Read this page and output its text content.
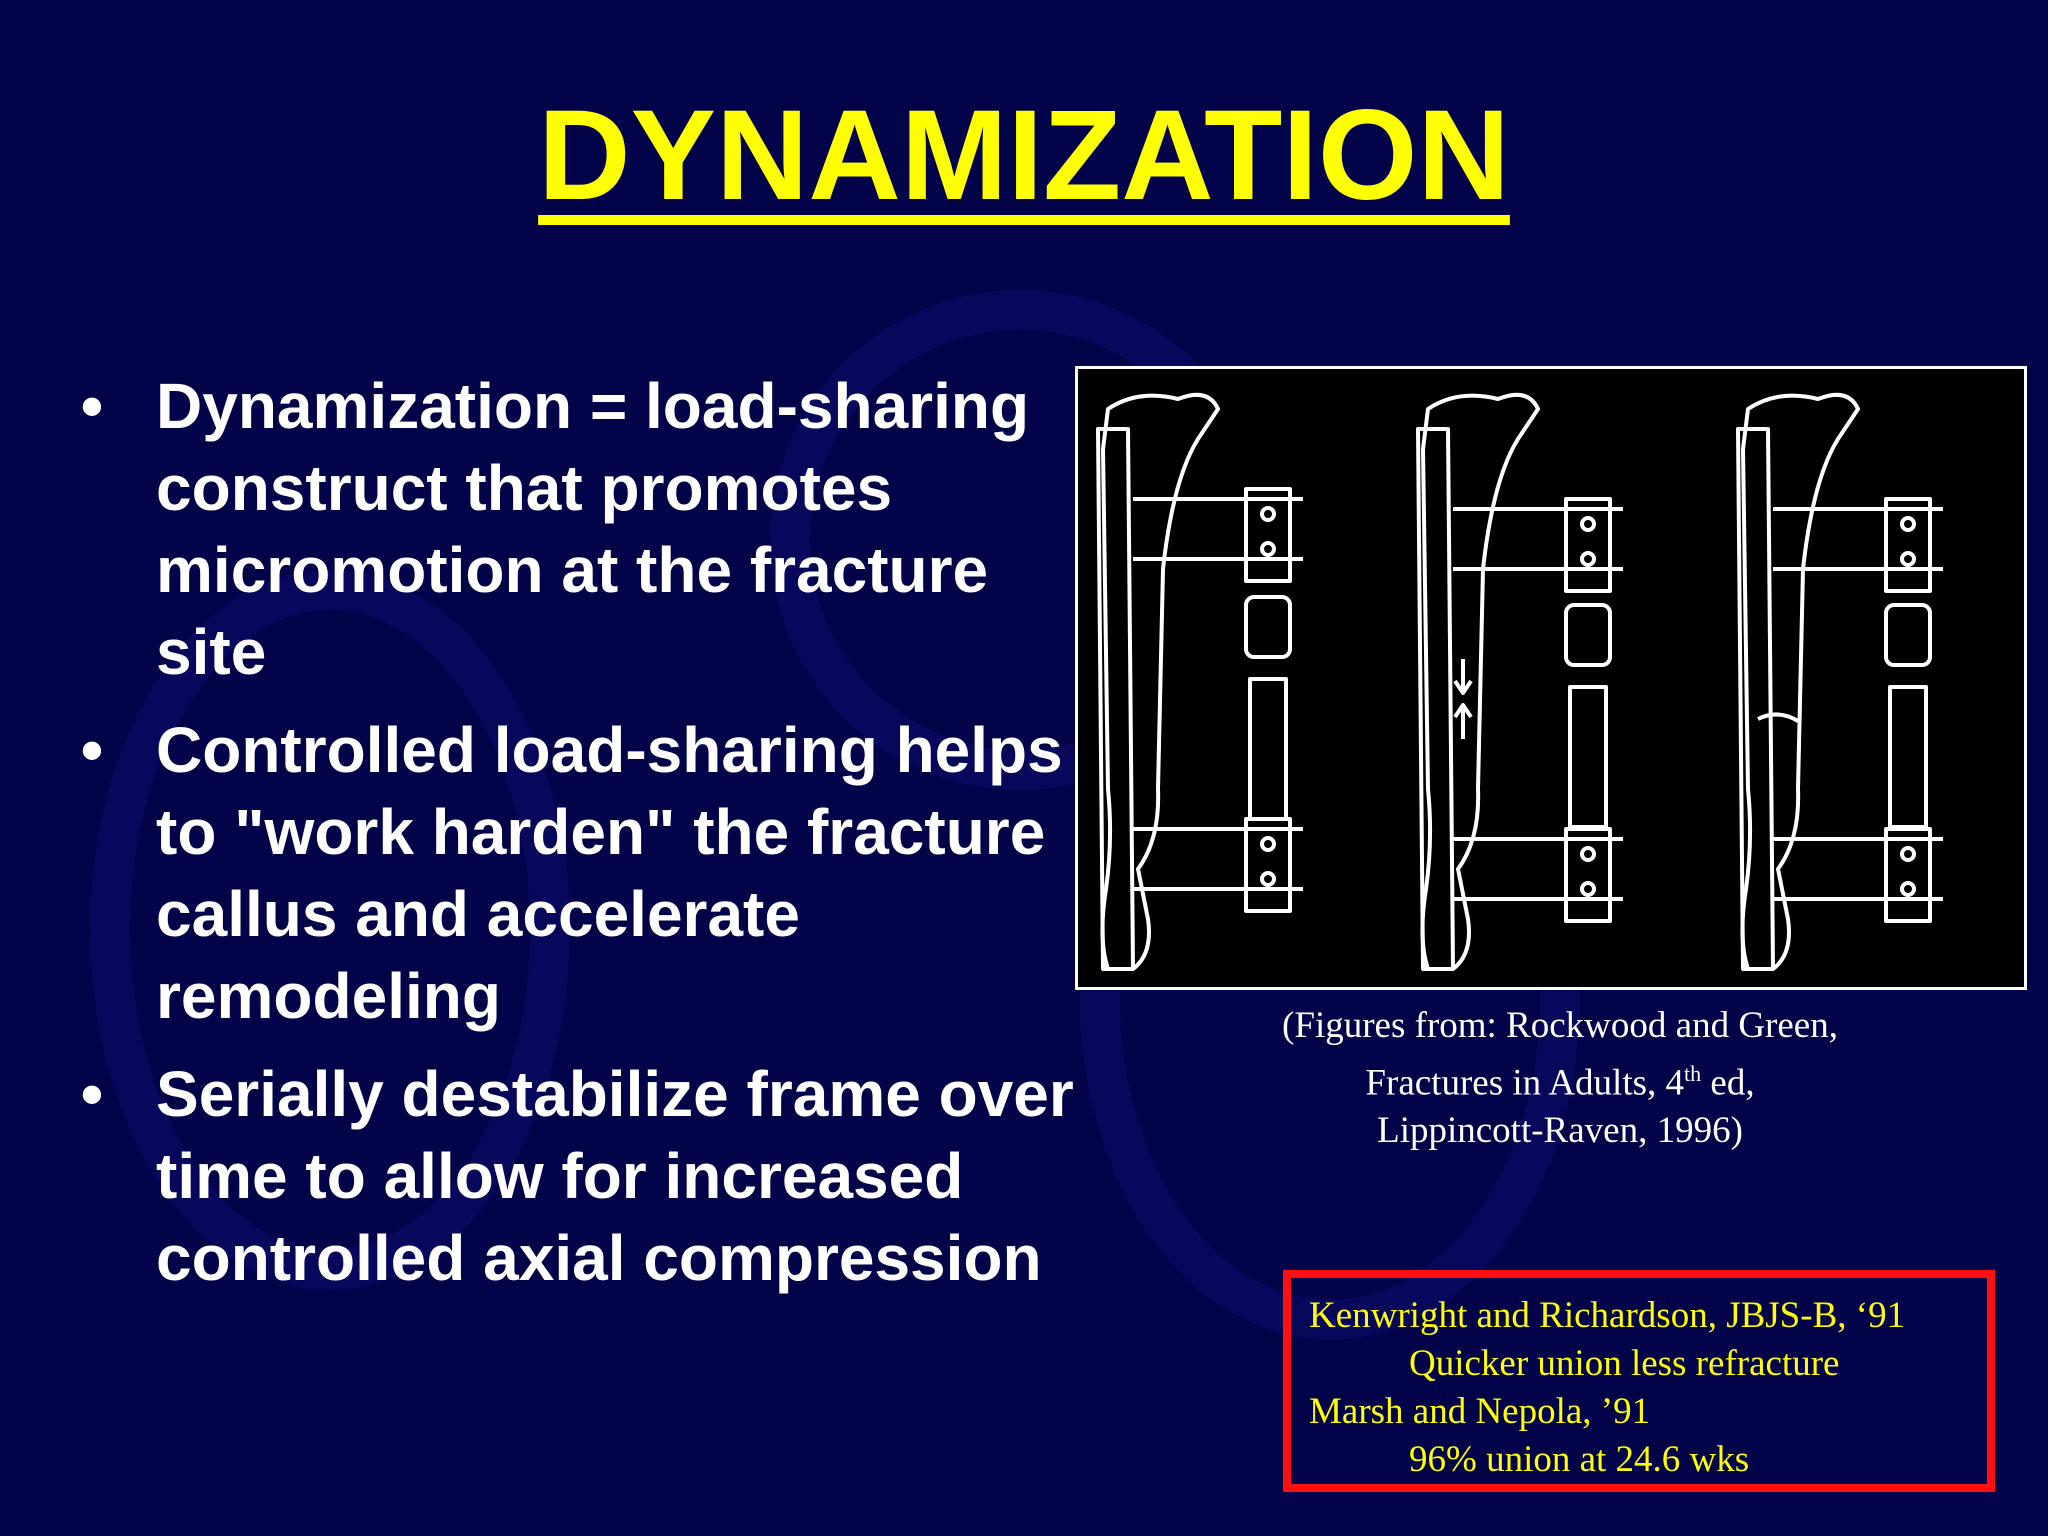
DYNAMIZATION
• Dynamization = load-sharing construct that promotes micromotion at the fracture site
• Controlled load-sharing helps to "work harden" the fracture callus and accelerate remodeling
• Serially destabilize frame over time to allow for increased controlled axial compression
(Figures from: Rockwood and Green,
Fractures in Adults, 4th ed,
Lippincott-Raven, 1996)
Kenwright and Richardson, JBJS-B, ‘91
Quicker union less refracture
Marsh and Nepola, ’91
96% union at 24.6 wks
